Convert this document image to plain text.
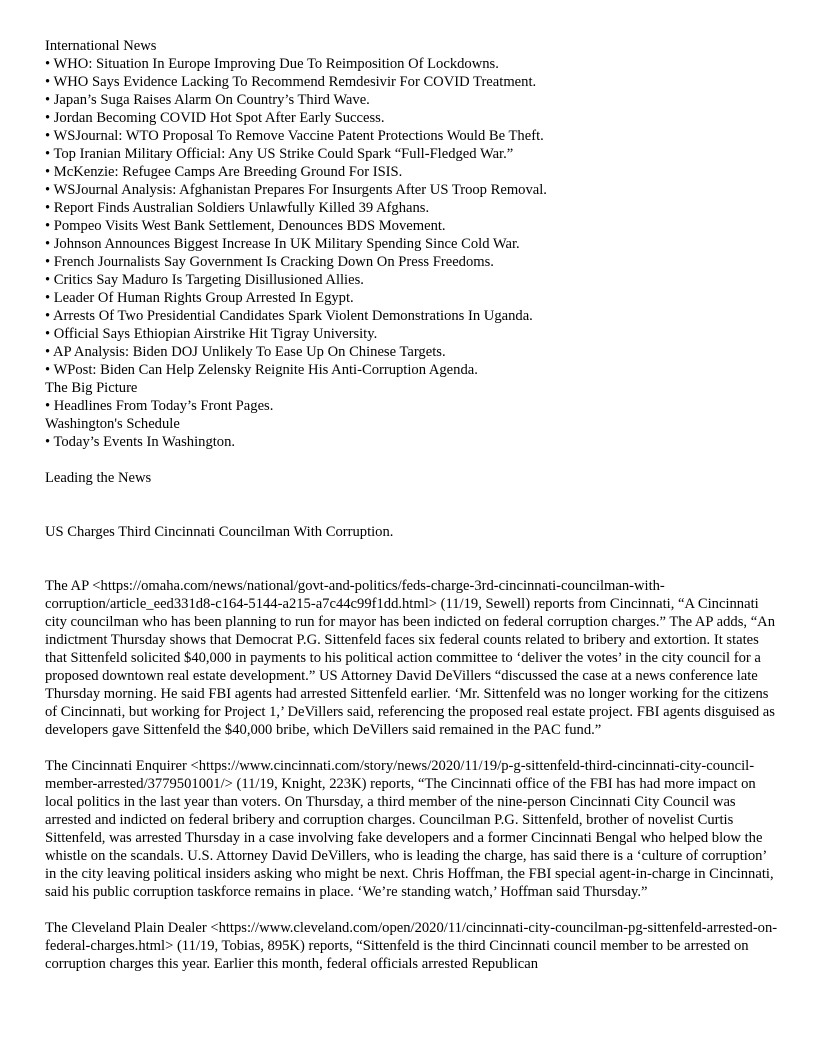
International News

• WHO: Situation In Europe Improving Due To Reimposition Of Lockdowns.

• WHO Says Evidence Lacking To Recommend Remdesivir For COVID Treatment.

• Japan’s Suga Raises Alarm On Country’s Third Wave.

• Jordan Becoming COVID Hot Spot After Early Success.

• WSJournal: WTO Proposal To Remove Vaccine Patent Protections Would Be Theft.

• Top Iranian Military Official: Any US Strike Could Spark “Full-Fledged War.”

• McKenzie: Refugee Camps Are Breeding Ground For ISIS.

• WSJournal Analysis: Afghanistan Prepares For Insurgents After US Troop Removal.

• Report Finds Australian Soldiers Unlawfully Killed 39 Afghans.

• Pompeo Visits West Bank Settlement, Denounces BDS Movement.

• Johnson Announces Biggest Increase In UK Military Spending Since Cold War.

• French Journalists Say Government Is Cracking Down On Press Freedoms.

• Critics Say Maduro Is Targeting Disillusioned Allies.

• Leader Of Human Rights Group Arrested In Egypt.

• Arrests Of Two Presidential Candidates Spark Violent Demonstrations In Uganda.

• Official Says Ethiopian Airstrike Hit Tigray University.

• AP Analysis: Biden DOJ Unlikely To Ease Up On Chinese Targets.

• WPost: Biden Can Help Zelensky Reignite His Anti-Corruption Agenda.

The Big Picture

• Headlines From Today’s Front Pages.

Washington's Schedule

• Today’s Events In Washington.

Leading the News

US Charges Third Cincinnati Councilman With Corruption.

The AP <https://omaha.com/news/national/govt-and-politics/feds-charge-3rd-cincinnati-councilman-with-corruption/article_eed331d8-c164-5144-a215-a7c44c99f1dd.html> (11/19, Sewell) reports from Cincinnati, “A Cincinnati city councilman who has been planning to run for mayor has been indicted on federal corruption charges.” The AP adds, “An indictment Thursday shows that Democrat P.G. Sittenfeld faces six federal counts related to bribery and extortion. It states that Sittenfeld solicited $40,000 in payments to his political action committee to ‘deliver the votes’ in the city council for a proposed downtown real estate development.” US Attorney David DeVillers “discussed the case at a news conference late Thursday morning. He said FBI agents had arrested Sittenfeld earlier. ‘Mr. Sittenfeld was no longer working for the citizens of Cincinnati, but working for Project 1,’ DeVillers said, referencing the proposed real estate project. FBI agents disguised as developers gave Sittenfeld the $40,000 bribe, which DeVillers said remained in the PAC fund.”

The Cincinnati Enquirer <https://www.cincinnati.com/story/news/2020/11/19/p-g-sittenfeld-third-cincinnati-city-council-member-arrested/3779501001/> (11/19, Knight, 223K) reports, “The Cincinnati office of the FBI has had more impact on local politics in the last year than voters. On Thursday, a third member of the nine-person Cincinnati City Council was arrested and indicted on federal bribery and corruption charges. Councilman P.G. Sittenfeld, brother of novelist Curtis Sittenfeld, was arrested Thursday in a case involving fake developers and a former Cincinnati Bengal who helped blow the whistle on the scandals. U.S. Attorney David DeVillers, who is leading the charge, has said there is a ‘culture of corruption’ in the city leaving political insiders asking who might be next. Chris Hoffman, the FBI special agent-in-charge in Cincinnati, said his public corruption taskforce remains in place. ‘We’re standing watch,’ Hoffman said Thursday.”

The Cleveland Plain Dealer <https://www.cleveland.com/open/2020/11/cincinnati-city-councilman-pg-sittenfeld-arrested-on-federal-charges.html> (11/19, Tobias, 895K) reports, “Sittenfeld is the third Cincinnati council member to be arrested on corruption charges this year. Earlier this month, federal officials arrested Republican
